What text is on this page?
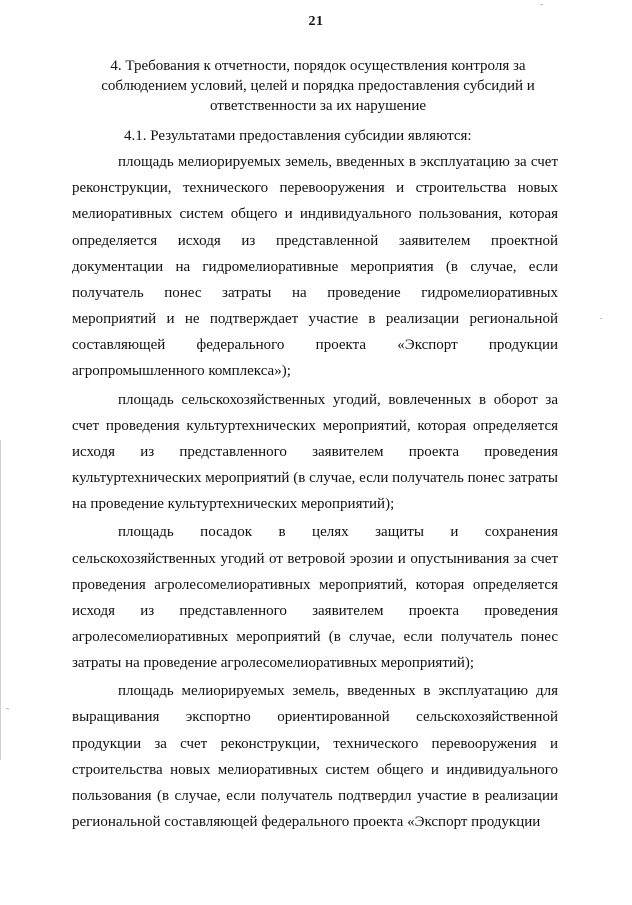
21
4. Требования к отчетности, порядок осуществления контроля за соблюдением условий, целей и порядка предоставления субсидий и ответственности за их нарушение

4.1. Результатами предоставления субсидии являются:

площадь мелиорируемых земель, введенных в эксплуатацию за счет реконструкции, технического перевооружения и строительства новых мелиоративных систем общего и индивидуального пользования, которая определяется исходя из представленной заявителем проектной документации на гидромелиоративные мероприятия (в случае, если получатель понес затраты на проведение гидромелиоративных мероприятий и не подтверждает участие в реализации региональной составляющей федерального проекта «Экспорт продукции агропромышленного комплекса»);

площадь сельскохозяйственных угодий, вовлеченных в оборот за счет проведения культуртехнических мероприятий, которая определяется исходя из представленного заявителем проекта проведения культуртехнических мероприятий (в случае, если получатель понес затраты на проведение культуртехнических мероприятий);

площадь посадок в целях защиты и сохранения сельскохозяйственных угодий от ветровой эрозии и опустынивания за счет проведения агролесомелиоративных мероприятий, которая определяется исходя из представленного заявителем проекта проведения агролесомелиоративных мероприятий (в случае, если получатель понес затраты на проведение агролесомелиоративных мероприятий);

площадь мелиорируемых земель, введенных в эксплуатацию для выращивания экспортно ориентированной сельскохозяйственной продукции за счет реконструкции, технического перевооружения и строительства новых мелиоративных систем общего и индивидуального пользования (в случае, если получатель подтвердил участие в реализации региональной составляющей федерального проекта «Экспорт продукции
